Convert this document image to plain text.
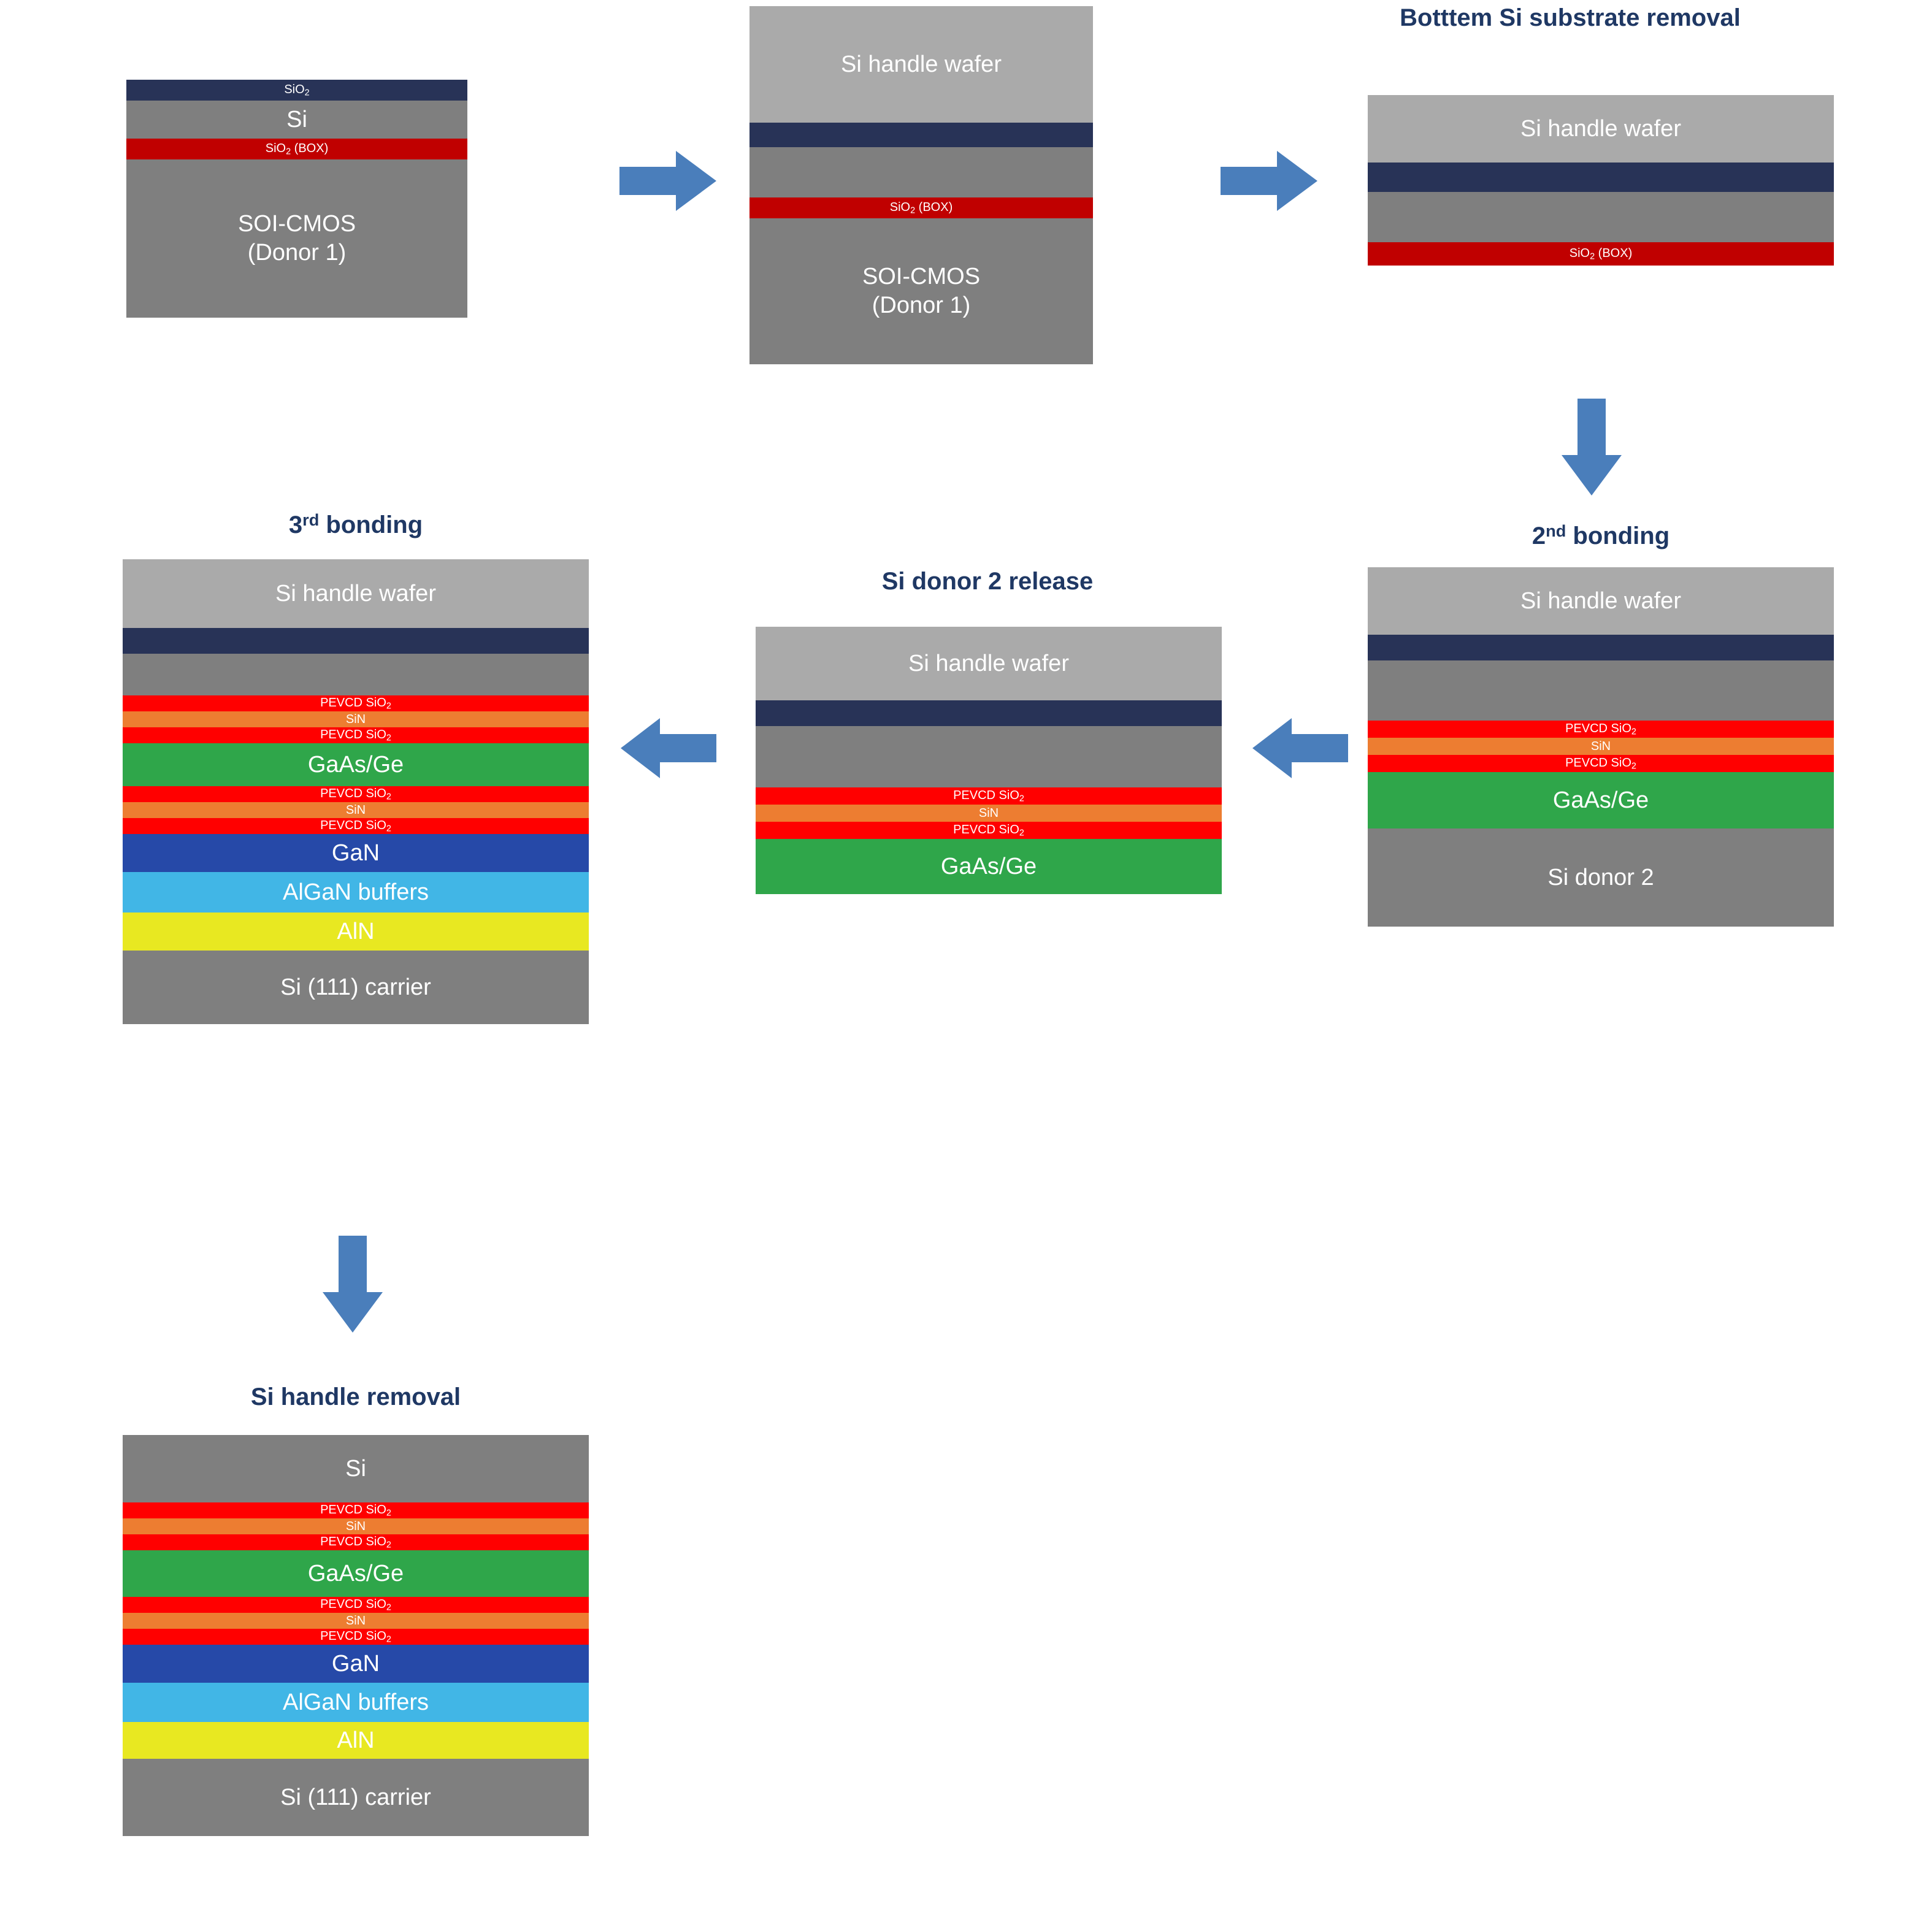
SiO$_2$
Si
SiO$_2$ (BOX)
SOI-CMOS
(Donor 1)
Si handle wafer
SiO$_2$ (BOX)
SOI-CMOS
(Donor 1)
Botttem Si substrate removal
Si handle wafer
SiO$_2$ (BOX)
2nd bonding
Si handle wafer
PEVCD SiO$_2$
SiN
PEVCD SiO$_2$
GaAs/Ge
Si donor 2
Si donor 2 release
Si handle wafer
PEVCD SiO$_2$
SiN
PEVCD SiO$_2$
GaAs/Ge
3rd bonding
Si handle wafer
PEVCD SiO$_2$
SiN
PEVCD SiO$_2$
GaAs/Ge
PEVCD SiO$_2$
SiN
PEVCD SiO$_2$
GaN
AlGaN buffers
AlN
Si (111) carrier
Si handle removal
Si
PEVCD SiO$_2$
SiN
PEVCD SiO$_2$
GaAs/Ge
PEVCD SiO$_2$
SiN
PEVCD SiO$_2$
GaN
AlGaN buffers
AlN
Si (111) carrier
